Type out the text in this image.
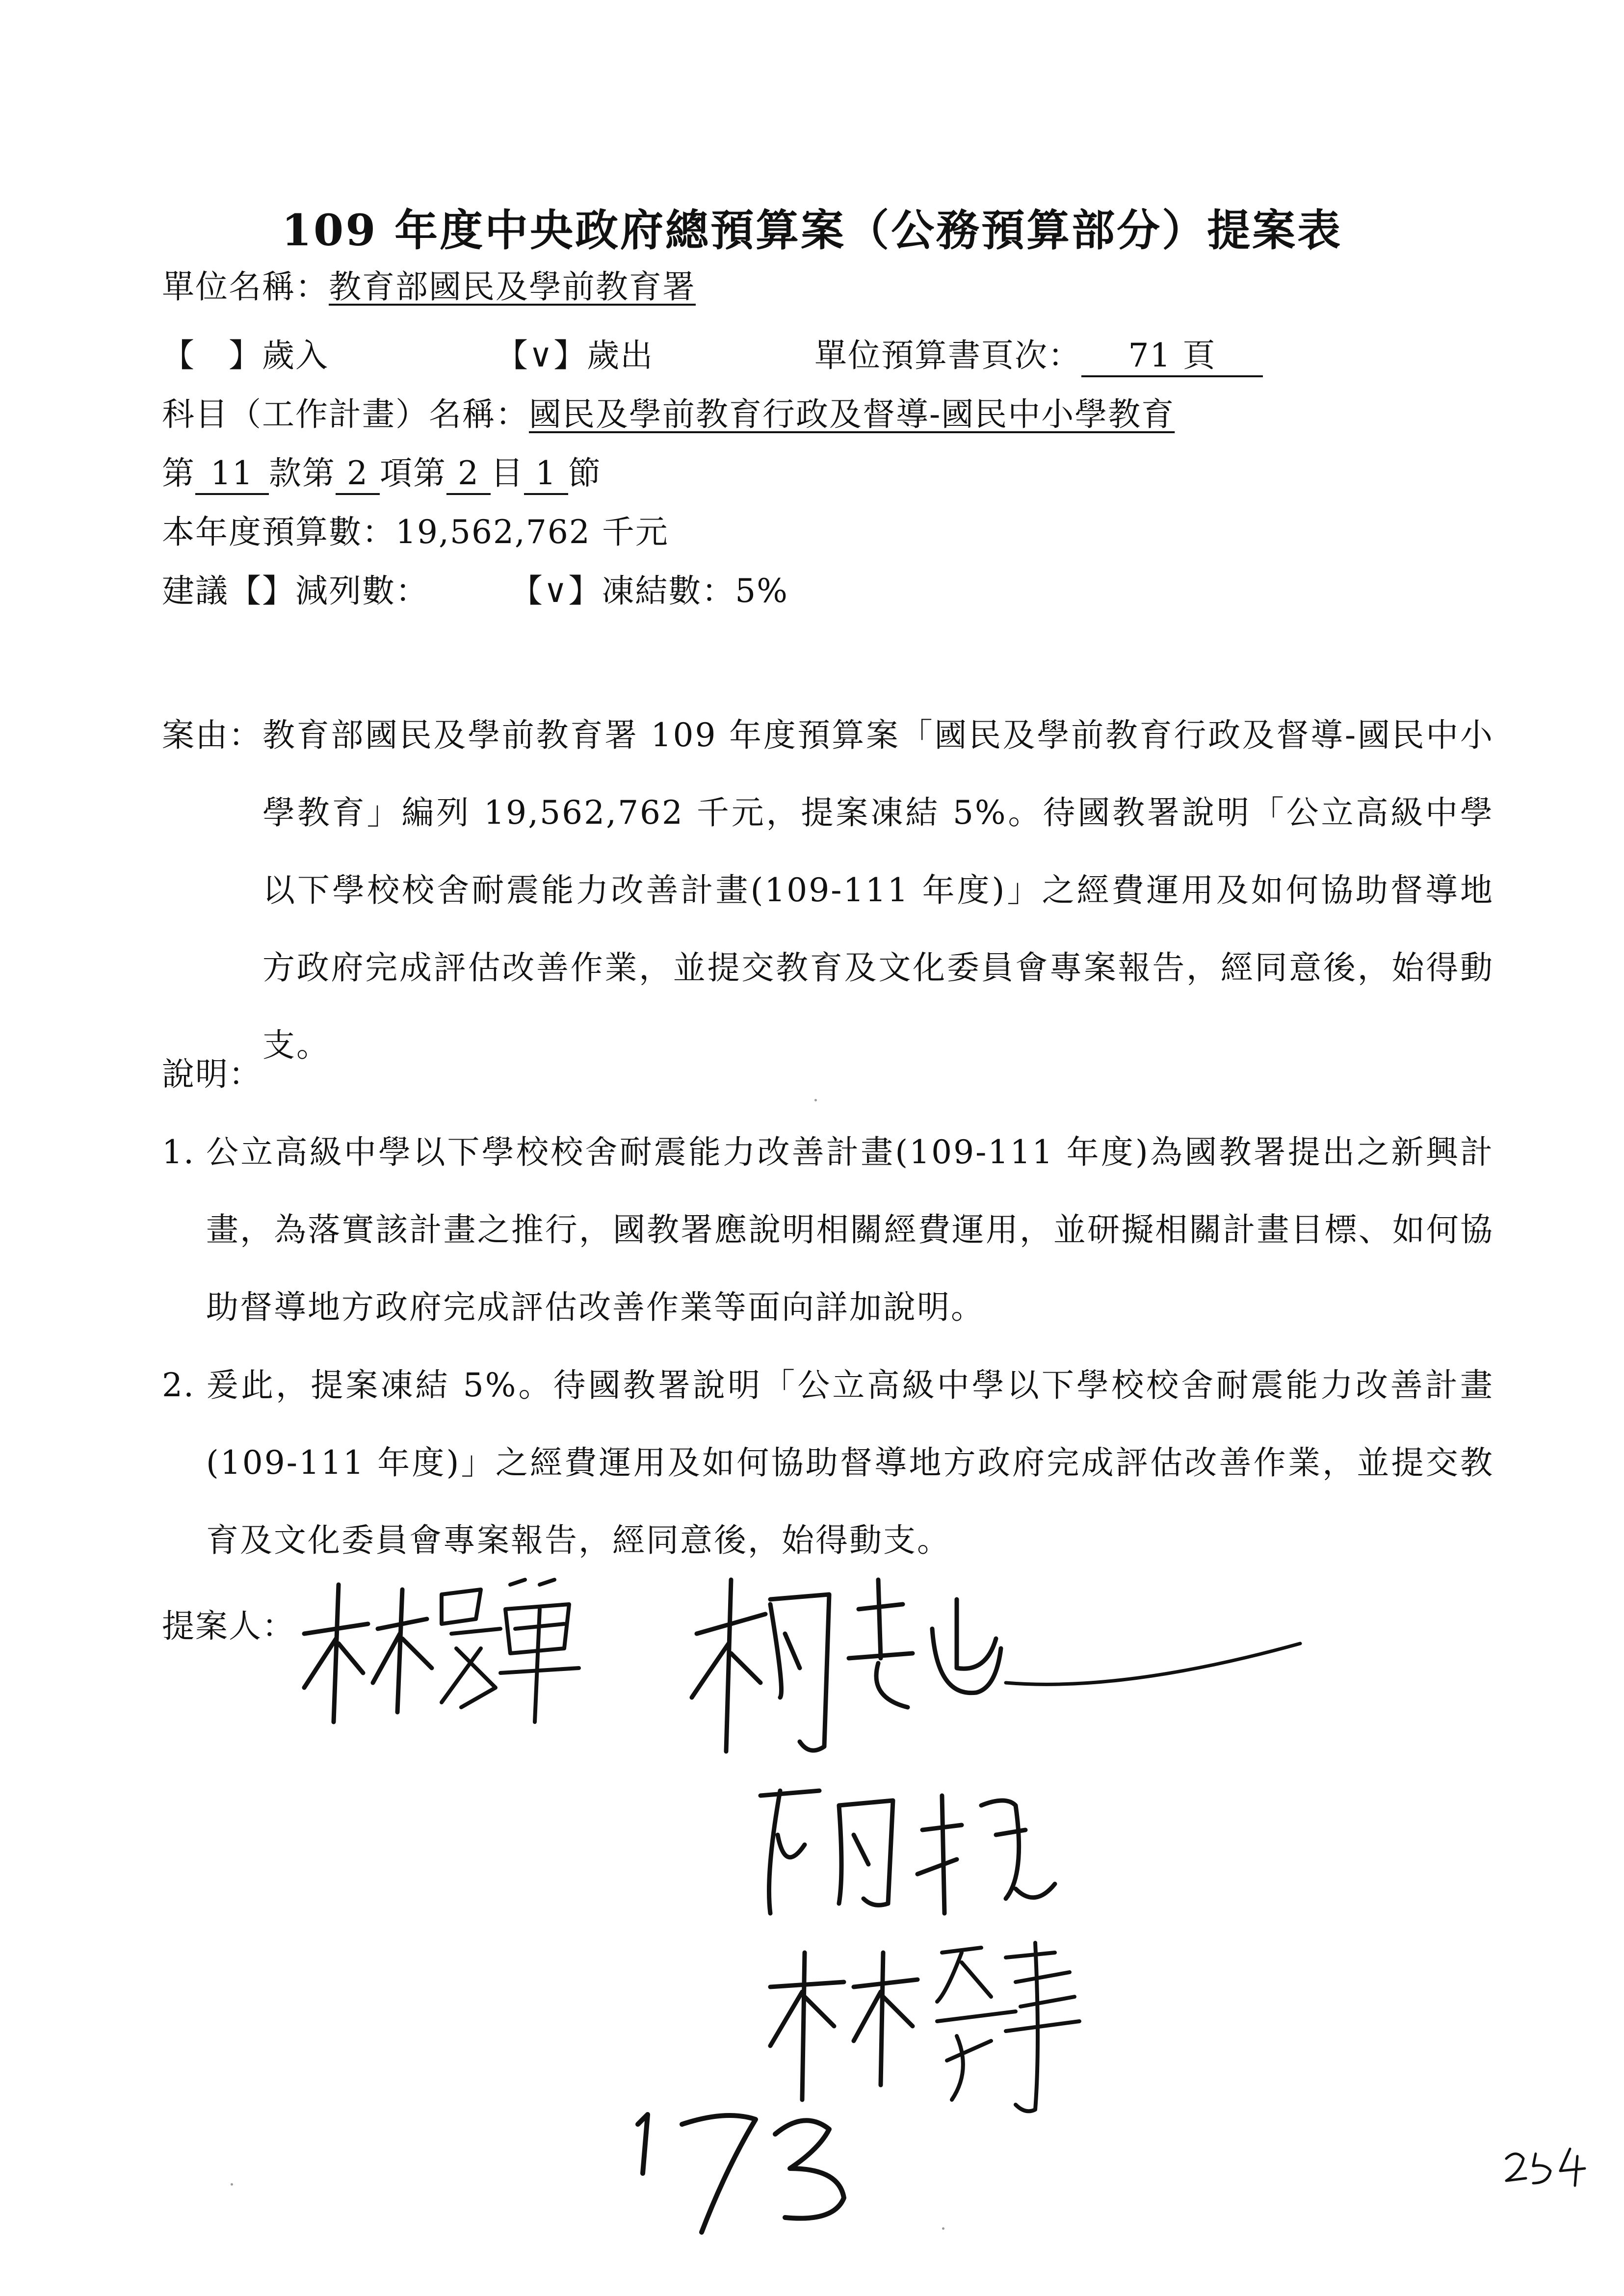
109 年度中央政府總預算案（公務預算部分）提案表
單位名稱：教育部國民及學前教育署
【　】歲入	【∨】歲出	單位預算書頁次： 71 頁
科目（工作計畫）名稱：國民及學前教育行政及督導-國民中小學教育
第 11 款第 2 項第 2 目 1 節
本年度預算數：19,562,762 千元
建議【】減列數：	【∨】凍結數：5%
案由： 教育部國民及學前教育署 109 年度預算案「國民及學前教育行政及督導-國民中小學教育」編列 19,562,762 千元，提案凍結 5%。待國教署說明「公立高級中學以下學校校舍耐震能力改善計畫(109-111 年度)」之經費運用及如何協助督導地方政府完成評估改善作業，並提交教育及文化委員會專案報告，經同意後，始得動支。
說明：
1. 公立高級中學以下學校校舍耐震能力改善計畫(109-111 年度)為國教署提出之新興計畫，為落實該計畫之推行，國教署應說明相關經費運用，並研擬相關計畫目標、如何協助督導地方政府完成評估改善作業等面向詳加說明。
2. 爰此，提案凍結 5%。待國教署說明「公立高級中學以下學校校舍耐震能力改善計畫(109-111 年度)」之經費運用及如何協助督導地方政府完成評估改善作業，並提交教育及文化委員會專案報告，經同意後，始得動支。
提案人：
